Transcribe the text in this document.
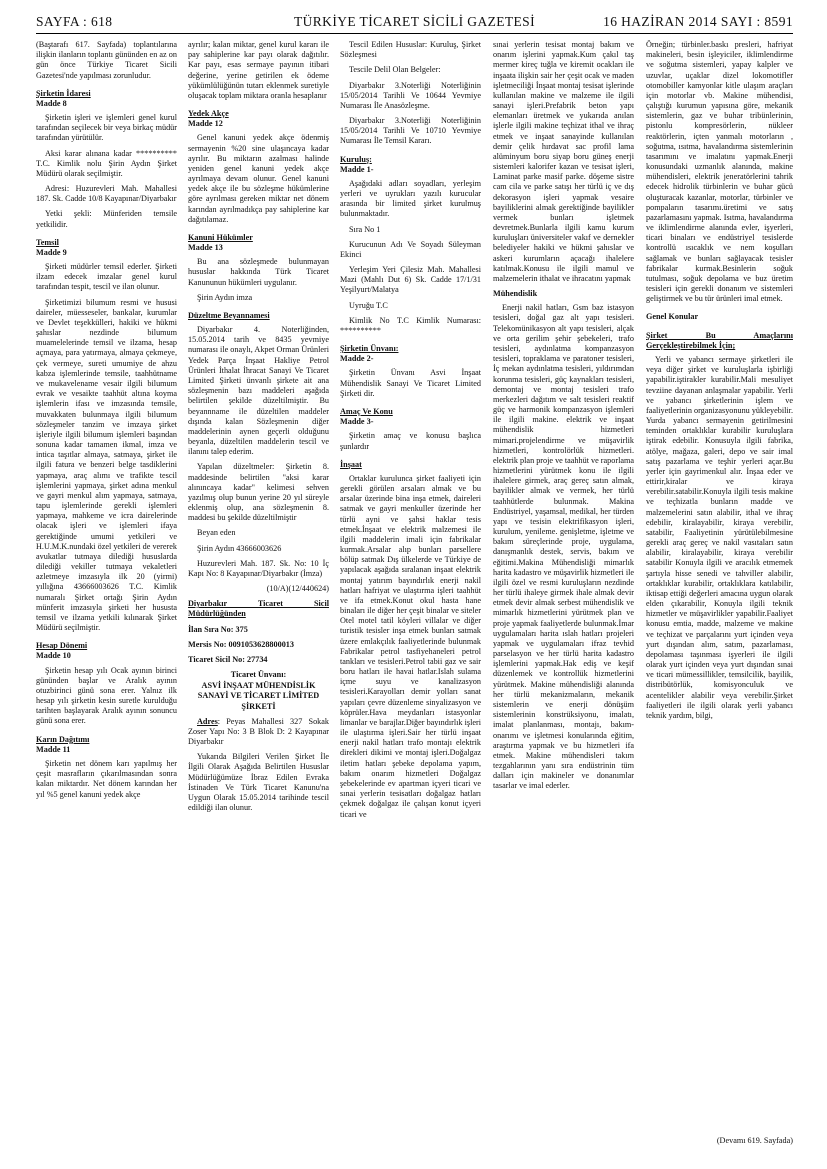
SAYFA : 618	TÜRKİYE TİCARET SİCİLİ GAZETESİ	16 HAZİRAN 2014 SAYI : 8591

(Baştarafı 617. Sayfada) toplantılarına ilişkin ilanların toplantı gününden en az on gün önce Türkiye Ticaret Sicili Gazetesi'nde yapılması zorunludur.

Şirketin İdaresi
Madde 8

Şirketin işleri ve işlemleri genel kurul tarafından seçilecek bir veya birkaç müdür tarafından yürütülür.

Aksi karar alınana kadar ********** T.C. Kimlik nolu Şirin Aydın Şirket Müdürü olarak seçilmiştir.

Adresi: Huzurevleri Mah. Mahallesi 187. Sk. Cadde 10/8 Kayapınar/Diyarbakır

Yetki şekli: Münferiden temsile yetkilidir.

Temsil
Madde 9

Şirketi müdürler temsil ederler. Şirketi ilzam edecek imzalar genel kurul tarafından tespit, tescil ve ilan olunur.

Şirketimizi bilumum resmi ve hususi daireler, müesseseler, bankalar, kurumlar ve Devlet teşekkülleri, hakiki ve hükmi şahıslar nezdinde bilumum muamelelerinde temsil ve ilzama, hesap açmaya, para yatırmaya, almaya çekmeye, çek vermeye, sureti umumiye de ahzu kabza işlemlerinde temsile, taahhütname ve mukavelename vesair ilgili bilumum evrak ve vesaikte taahhüt altına koyma işlemlerin ifası ve imzasında temsile, muvakkaten bulunmaya ilgili bilumum sözleşmeler tanzim ve imzaya şirket işleriyle ilgili bilumum işlemleri başından sonuna kadar tamamen ikmal, imza ve intica taşıtlar almaya, satmaya, şirket ile ilgili fatura ve benzeri belge tasdiklerini yapmaya, araç alımı ve trafikte tescil işlemlerini yapmaya, şirket adına menkul ve gayri menkul alım yapmaya, satmaya, tapu işlemlerinde gerekli işlemleri yapmaya, mahkeme ve icra dairelerinde olacak işleri ve işlemleri ifaya gerektiğinde umumi yetkileri ve H.U.M.K.nundaki özel yetkileri de vererek avukatlar tutmaya dilediği hususlarda dilediği vekiller tutmaya vekaletleri azletmeye imzasıyla ilk 20 (yirmi) yıllığına 43666003626 T.C. Kimlik numaralı Şirket ortağı Şirin Aydın münferit imzasıyla şirketi her hususta temsil ve ilzama yetkili kılınarak Şirket Müdürü seçilmiştir.

Hesap Dönemi
Madde 10

Şirketin hesap yılı Ocak ayının birinci gününden başlar ve Aralık ayının otuzbirinci günü sona erer. Yalnız ilk hesap yılı şirketin kesin suretle kurulduğu tarihten başlayarak Aralık ayının sonuncu günü sona erer.

Karın Dağıtımı
Madde 11

Şirketin net dönem karı yapılmış her çeşit masrafların çıkarılmasından sonra kalan miktardır. Net dönem karından her yıl %5 genel kanuni yedek akçe

ayrılır; kalan miktar, genel kurul kararı ile pay sahiplerine kar payı olarak dağıtılır. Kar payı, esas sermaye payının itibari değerine, yerine getirilen ek ödeme yükümlülüğünün tutarı eklenmek suretiyle oluşacak toplam miktara oranla hesaplanır

Yedek Akçe
Madde 12

Genel kanuni yedek akçe ödenmiş sermayenin %20 sine ulaşıncaya kadar ayrılır. Bu miktarın azalması halinde yeniden genel kanuni yedek akçe ayrılmaya devam olunur. Genel kanuni yedek akçe ile bu sözleşme hükümlerine göre ayrılması gereken miktar net dönem karından ayrılmadıkça pay sahiplerine kar dağıtılamaz.

Kanuni Hükümler
Madde 13

Bu ana sözleşmede bulunmayan hususlar hakkında Türk Ticaret Kanununun hükümleri uygulanır.

Şirin Aydın imza

Düzeltme Beyannamesi

Diyarbakır 4. Noterliğinden, 15.05.2014 tarih ve 8435 yevmiye numarası ile onaylı, Akpet Orman Ürünleri Yedek Parça İnşaat Hakliye Petrol Ürünleri İthalat İhracat Sanayi Ve Ticaret Limited Şirketi ünvanlı şirkete ait ana sözleşmenin bazı maddeleri aşağıda belirtilen şekilde düzeltilmiştir. Bu beyannname ile düzeltilen maddeler dışında kalan Sözleşmenin diğer maddelerinin aynen geçerli olduğunu beyanla, düzeltilen maddelerin tescil ve ilanını talep ederim.

Yapılan düzeltmeler: Şirketin 8. maddesinde belirtilen "aksi karar alınıncaya kadar" kelimesi sehven yazılmış olup bunun yerine 20 yıl süreyle eklenmiş olup, ana sözleşmenin 8. maddesi bu şekilde düzeltilmiştir

Beyan eden

Şirin Aydın 43666003626

Huzurevleri Mah. 187. Sk. No: 10 İç Kapı No: 8 Kayapınar/Diyarbakır (İmza)

(10/A)(12/440624)

Diyarbakır Ticaret Sicil Müdürlüğünden

İlan Sıra No: 375

Mersis No: 0091053628800013

Ticaret Sicil No: 27734

Ticaret Ünvanı:

ASVİ İNŞAAT MÜHENDİSLİK SANAYİ VE TİCARET LİMİTED ŞİRKETİ

Adres: Peyas Mahallesi 327 Sokak Zoser Yapı No: 3 B Blok D: 2 Kayapınar Diyarbakır

Yukarıda Bilgileri Verilen Şirket İle İlgili Olarak Aşağıda Belirtilen Hususlar Müdürlüğümüze İbraz Edilen Evraka İstinaden Ve Türk Ticaret Kanunu'na Uygun Olarak 15.05.2014 tarihinde tescil edildiği ilan olunur.

Tescil Edilen Hususlar: Kuruluş, Şirket Sözleşmesi

Tescile Delil Olan Belgeler:

Diyarbakır 3.Noterliği Noterliğinin 15/05/2014 Tarihli Ve 10644 Yevmiye Numarası İle Anasözleşme.

Diyarbakır 3.Noterliği Noterliğinin 15/05/2014 Tarihli Ve 10710 Yevmiye Numarası İle Temsil Kararı.

Kuruluş:
Madde 1-

Aşağıdaki adları soyadları, yerleşim yerleri ve uyrukları yazılı kurucular arasında bir limited şirket kurulmuş bulunmaktadır.

Sıra No 1

Kurucunun Adı Ve Soyadı Süleyman Ekinci

Yerleşim Yeri Çilesiz Mah. Mahallesi Mazi (Mahlı Dut 6) Sk. Cadde 17/1/31 Yeşilyurt/Malatya

Uyruğu T.C

Kimlik No T.C Kimlik Numarası: **********

Şirketin Ünvanı:
Madde 2-

Şirketin Ünvanı Asvi İnşaat Mühendislik Sanayi Ve Ticaret Limited Şirketi dir.

Amaç Ve Konu
Madde 3-

Şirketin amaç ve konusu başlıca şunlardır

İnşaat

Ortaklar kurulunca şirket faaliyeti için gerekli görülen arsaları almak ve bu arsalar üzerinde bina inşa etmek, daireleri satmak ve gayri menkuller üzerinde her türlü ayni ve şahsi haklar tesis etmek.İnşaat ve elektrik malzemesi ile ilgili maddelerin imali için fabrikalar kurmak.Arsalar alıp bunları parsellere bölüp satmak Dış ülkelerde ve Türkiye de yapılacak aşağıda sıralanan inşaat elektrik montaj yatırım bayındırlık enerji nakil hatları hafriyat ve ulaştırma işleri taahhüt ve ifa etmek.Konut okul hasta hane binaları ile diğer her çeşit binalar ve siteler Otel motel tatil köyleri villalar ve diğer turistik tesisler inşa etmek bunları satmak üzere emlakçılık faaliyetlerinde bulunmak Fabrikalar petrol tasfiyehaneleri petrol tankları ve tesisleri.Petrol tabii gaz ve sair boru hatları ile havai hatlar.Islah sulama içme suyu ve kanalizasyon tesisleri.Karayolları demir yolları sanat yapıları çevre düzenleme sinyalizasyon ve köprüler.Hava meydanları istasyonlar limanlar ve barajlar.Diğer bayındırlık işleri ile ulaştırma işleri.Sair her türlü inşaat enerji nakil hatları trafo montajı elektrik direkleri dikimi ve montaj işleri.Doğalgaz iletim hatları şebeke depolama yapım, bakım onarım hizmetleri Doğalgaz şebekelerinde ev apartman içyeri ticari ve sınai yerlerin tesisatları doğalgaz hatları çekmek doğalgaz ile çalışan konut içyeri ticari ve

sınai yerlerin tesisat montaj bakım ve onarım işlerini yapmak.Kum çakıl taş mermer kireç tuğla ve kiremit ocakları ile inşaata ilişkin sair her çeşit ocak ve maden işletmeciliği İnşaat montaj tesisat işlerinde kullanılan makine ve malzeme ile ilgili sanayi işleri.Prefabrik beton yapı elemanları üretmek ve yukarıda anılan işlerle ilgili makine teçhizat ithal ve ihraç etmek ve inşaat sanayinde kullanılan demir çelik hırdavat sac profil lama alüminyum boru siyap boru güneş enerji sistemleri kalorifer kazan ve tesisat işleri, Laminat parke masif parke. döşeme sistre cam cila ve parke satışı her türlü iç ve dış dekorasyon işleri yapmak vesaire bayiliklerini almak gerektiğinde bayilikler vermek bunları işletmek devretmek.Bunlarla ilgili kamu kurum kuruluşları üniversiteler vakıf ve dernekler belediyeler hakiki ve hükmi şahıslar ve askeri kurumların açacağı ihalelere katılmak.Konusu ile ilgili mamul ve malzemelerin ithalat ve ihracatını yapmak

Mühendislik

Enerji nakil hatları, Gsm baz istasyon tesisleri, doğal gaz alt yapı tesisleri. Telekomünikasyon alt yapı tesisleri, alçak ve orta gerilim şehir şebekeleri, trafo tesisleri, aydınlatma kompanzasyon tesisleri, topraklama ve paratoner tesisleri, İç mekan aydınlatma tesisleri, yıldırımdan korunma tesisleri, güç kaynakları tesisleri, demontaj ve montaj tesisleri trafo merkezleri dağıtım ve salt tesisleri reaktif güç ve harmonik kompanzasyon işlemleri ile ilgili makine. elektrik ve inşaat mühendislik hizmetleri mimari.projelendirme ve müşavirlik hizmetleri, kontrolörlük hizmetleri. elektrik plan proje ve taahhüt ve raporlama hizmetlerini yürütmek konu ile ilgili ihalelere girmek, araç gereç satın almak, bayilikler almak ve vermek, her türlü taahhütlerde bulunmak. Makina Endüstriyel, yaşamsal, medikal, her türden yapı ve tesisin elektrifikasyon işleri, kurulum, yenileme. genişletme, işletme ve bakım süreçlerinde proje, uygulama, danışmanlık destek, servis, bakım ve eğitimi.Makina Mühendisliği mimarlık harita kadastro ve müşavirlik hizmetleri ile ilgili özel ve resmi kuruluşların nezdinde her türlü ihaleye girmek ihale almak devir etmek devir almak serbest mühendislik ve mimarlık hizmetlerini yürütmek plan ve proje yapmak faaliyetlerde bulunmak.İmar uygulamaları harita ıslah hatları projeleri yapmak ve uygulamaları ifraz tevhid parselasyon ve her türlü harita kadastro işlemlerini yapmak.Hak ediş ve keşif düzenlemek ve kontrollük hizmetlerini yürütmek. Makine mühendisliği alanında her türlü mekanizmaların, mekanik sistemlerin ve enerji dönüşüm sistemlerinin konstrüksiyonu, imalatı, imalat planlanması, montajı, bakım-onarımı ve işletmesi konularında eğitim, araştırma yapmak ve bu hizmetleri ifa etmek. Makine mühendisleri takım tezgahlarının yanı sıra endüstrinin tüm dalları için makineler ve donanımlar tasarlar ve imal ederler.

Örneğin; türbinler.baskı presleri, hafriyat makineleri, besin işleyiciler, iklimlendirme ve soğutma sistemleri, yapay kalpler ve uzuvlar, uçaklar dizel lokomotifler otomobiller kamyonlar kitle ulaşım araçları için motorlar vb. Makine mühendisi, çalıştığı kurumun yapısına göre, mekanik sistemlerin, gaz ve buhar tribünlerinin, pistonlu kompresörlerin, nükleer reaktörlerin, içten yanmalı motorların , soğutma, ısıtma, havalandırma sistemlerinin tasarımını ve imalatını yapmak.Enerji konusundaki uzmanlık alanında, makine mühendisleri, elektrik jeneratörlerini tahrik edecek hidrolik türbinlerin ve buhar gücü oluşturacak kazanlar, motorlar, türbinler ve pompaların tasarımı.üretimi ve satış pazarlamasını yapmak. Isıtma, havalandırma ve iklimlendirme alanında evler, işyerleri, ticari binaları ve endüstriyel tesislerde kontrollü ısıcaklık ve nem koşulları sağlamak ve bunları sağlayacak tesisler fabrikalar kurmak.Besinlerin soğuk tutulması, soğuk depolama ve buz üretim tesisleri için gerekli donanım ve sistemleri geliştirmek ve bu tür ürünleri imal etmek.

Genel Konular
Şirket Bu Amaçlarını Gerçekleştirebilmek İçin;

Yerli ve yabancı sermaye şirketleri ile veya diğer şirket ve kuruluşlarla işbirliği yapabilir.iştirakler kurabilir.Mali mesuliyet tevziine dayanan anlaşmalar yapabilir. Yerli ve yabancı şirketlerinin işlem ve faaliyetlerinin organizasyonunu yükleyebilir. Yurda yabancı sermayenin getirilmesini teminden ortaklıklar kurabilir kuruluşlara iştirak edebilir. Konusuyla ilgili fabrika, atölye, mağaza, galeri, depo ve sair imal satış pazarlama ve teşhir yerleri açar.Bu yerler için gayrimenkul alır. İnşaa eder ve ettirir,kiralar ve kiraya verebilir.satabilir.Konuyla ilgili tesis makine ve teçhizatla bunların madde ve malzemelerini satın alabilir, ithal ve ihraç edebilir, kiralayabilir, kiraya verebilir, satabilir, Faaliyetinin yürütülebilmesine gerekli araç gereç ve nakil vasıtaları satın alabilir, kiralayabilir, kiraya verebilir satabilir Konuyla ilgili ve aracılık etmemek şartıyla hisse senedi ve tahviller alabilir, ortaklıklar kurabilir, ortaklıklara katılabilir, iktisap ettiği değerleri amacına uygun olarak elden çıkarabilir, Konuyla ilgili teknik hizmetler ve müşavirlikler yapabilir.Faaliyet konusu emtia, madde, malzeme ve makine ve teçhizat ve parçalarını yurt içinden veya yurt dışından alım, satım, pazarlaması, depolaması taşınması işyerleri ile ilgili olarak yurt içinden veya yurt dışından sınai ve ticari mümessillikler, temsilcilik, bayilik, distribütörlük, komisyonculuk ve acentelikler alabilir veya verebilir.Şirket faaliyetleri ile ilgili olarak yerli yabancı teknik yardım, bilgi,

(Devamı 619. Sayfada)
